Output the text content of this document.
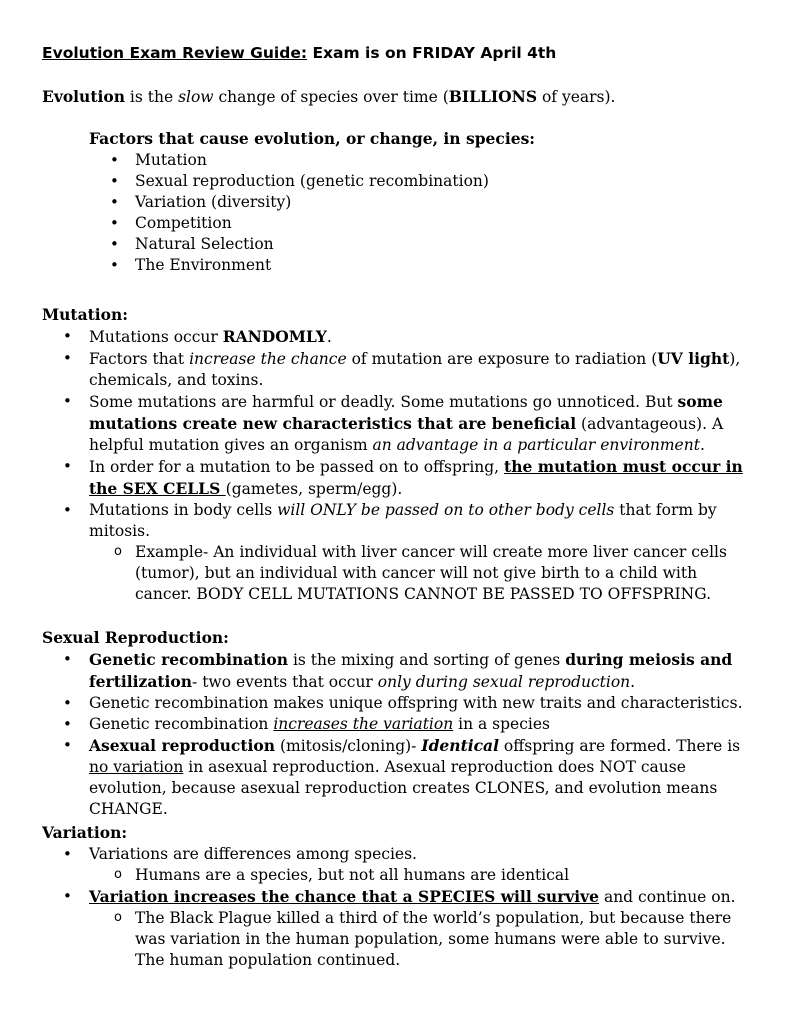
Evolution Exam Review Guide: Exam is on FRIDAY April 4th

Evolution is the slow change of species over time (BILLIONS of years).

Factors that cause evolution, or change, in species:

• Mutation
• Sexual reproduction (genetic recombination)
• Variation (diversity)
• Competition
• Natural Selection
• The Environment

Mutation:

• Mutations occur RANDOMLY.
• Factors that increase the chance of mutation are exposure to radiation (UV light), chemicals, and toxins.
• Some mutations are harmful or deadly. Some mutations go unnoticed. But some mutations create new characteristics that are beneficial (advantageous). A helpful mutation gives an organism an advantage in a particular environment.
• In order for a mutation to be passed on to offspring, the mutation must occur in the SEX CELLS (gametes, sperm/egg).
• Mutations in body cells will ONLY be passed on to other body cells that form by mitosis.
o Example- An individual with liver cancer will create more liver cancer cells (tumor), but an individual with cancer will not give birth to a child with cancer. BODY CELL MUTATIONS CANNOT BE PASSED TO OFFSPRING.

Sexual Reproduction:

• Genetic recombination is the mixing and sorting of genes during meiosis and fertilization- two events that occur only during sexual reproduction.
• Genetic recombination makes unique offspring with new traits and characteristics.
• Genetic recombination increases the variation in a species
• Asexual reproduction (mitosis/cloning)- Identical offspring are formed. There is no variation in asexual reproduction. Asexual reproduction does NOT cause evolution, because asexual reproduction creates CLONES, and evolution means CHANGE.

Variation:

• Variations are differences among species.
o Humans are a species, but not all humans are identical
• Variation increases the chance that a SPECIES will survive and continue on.
o The Black Plague killed a third of the world’s population, but because there was variation in the human population, some humans were able to survive. The human population continued.
